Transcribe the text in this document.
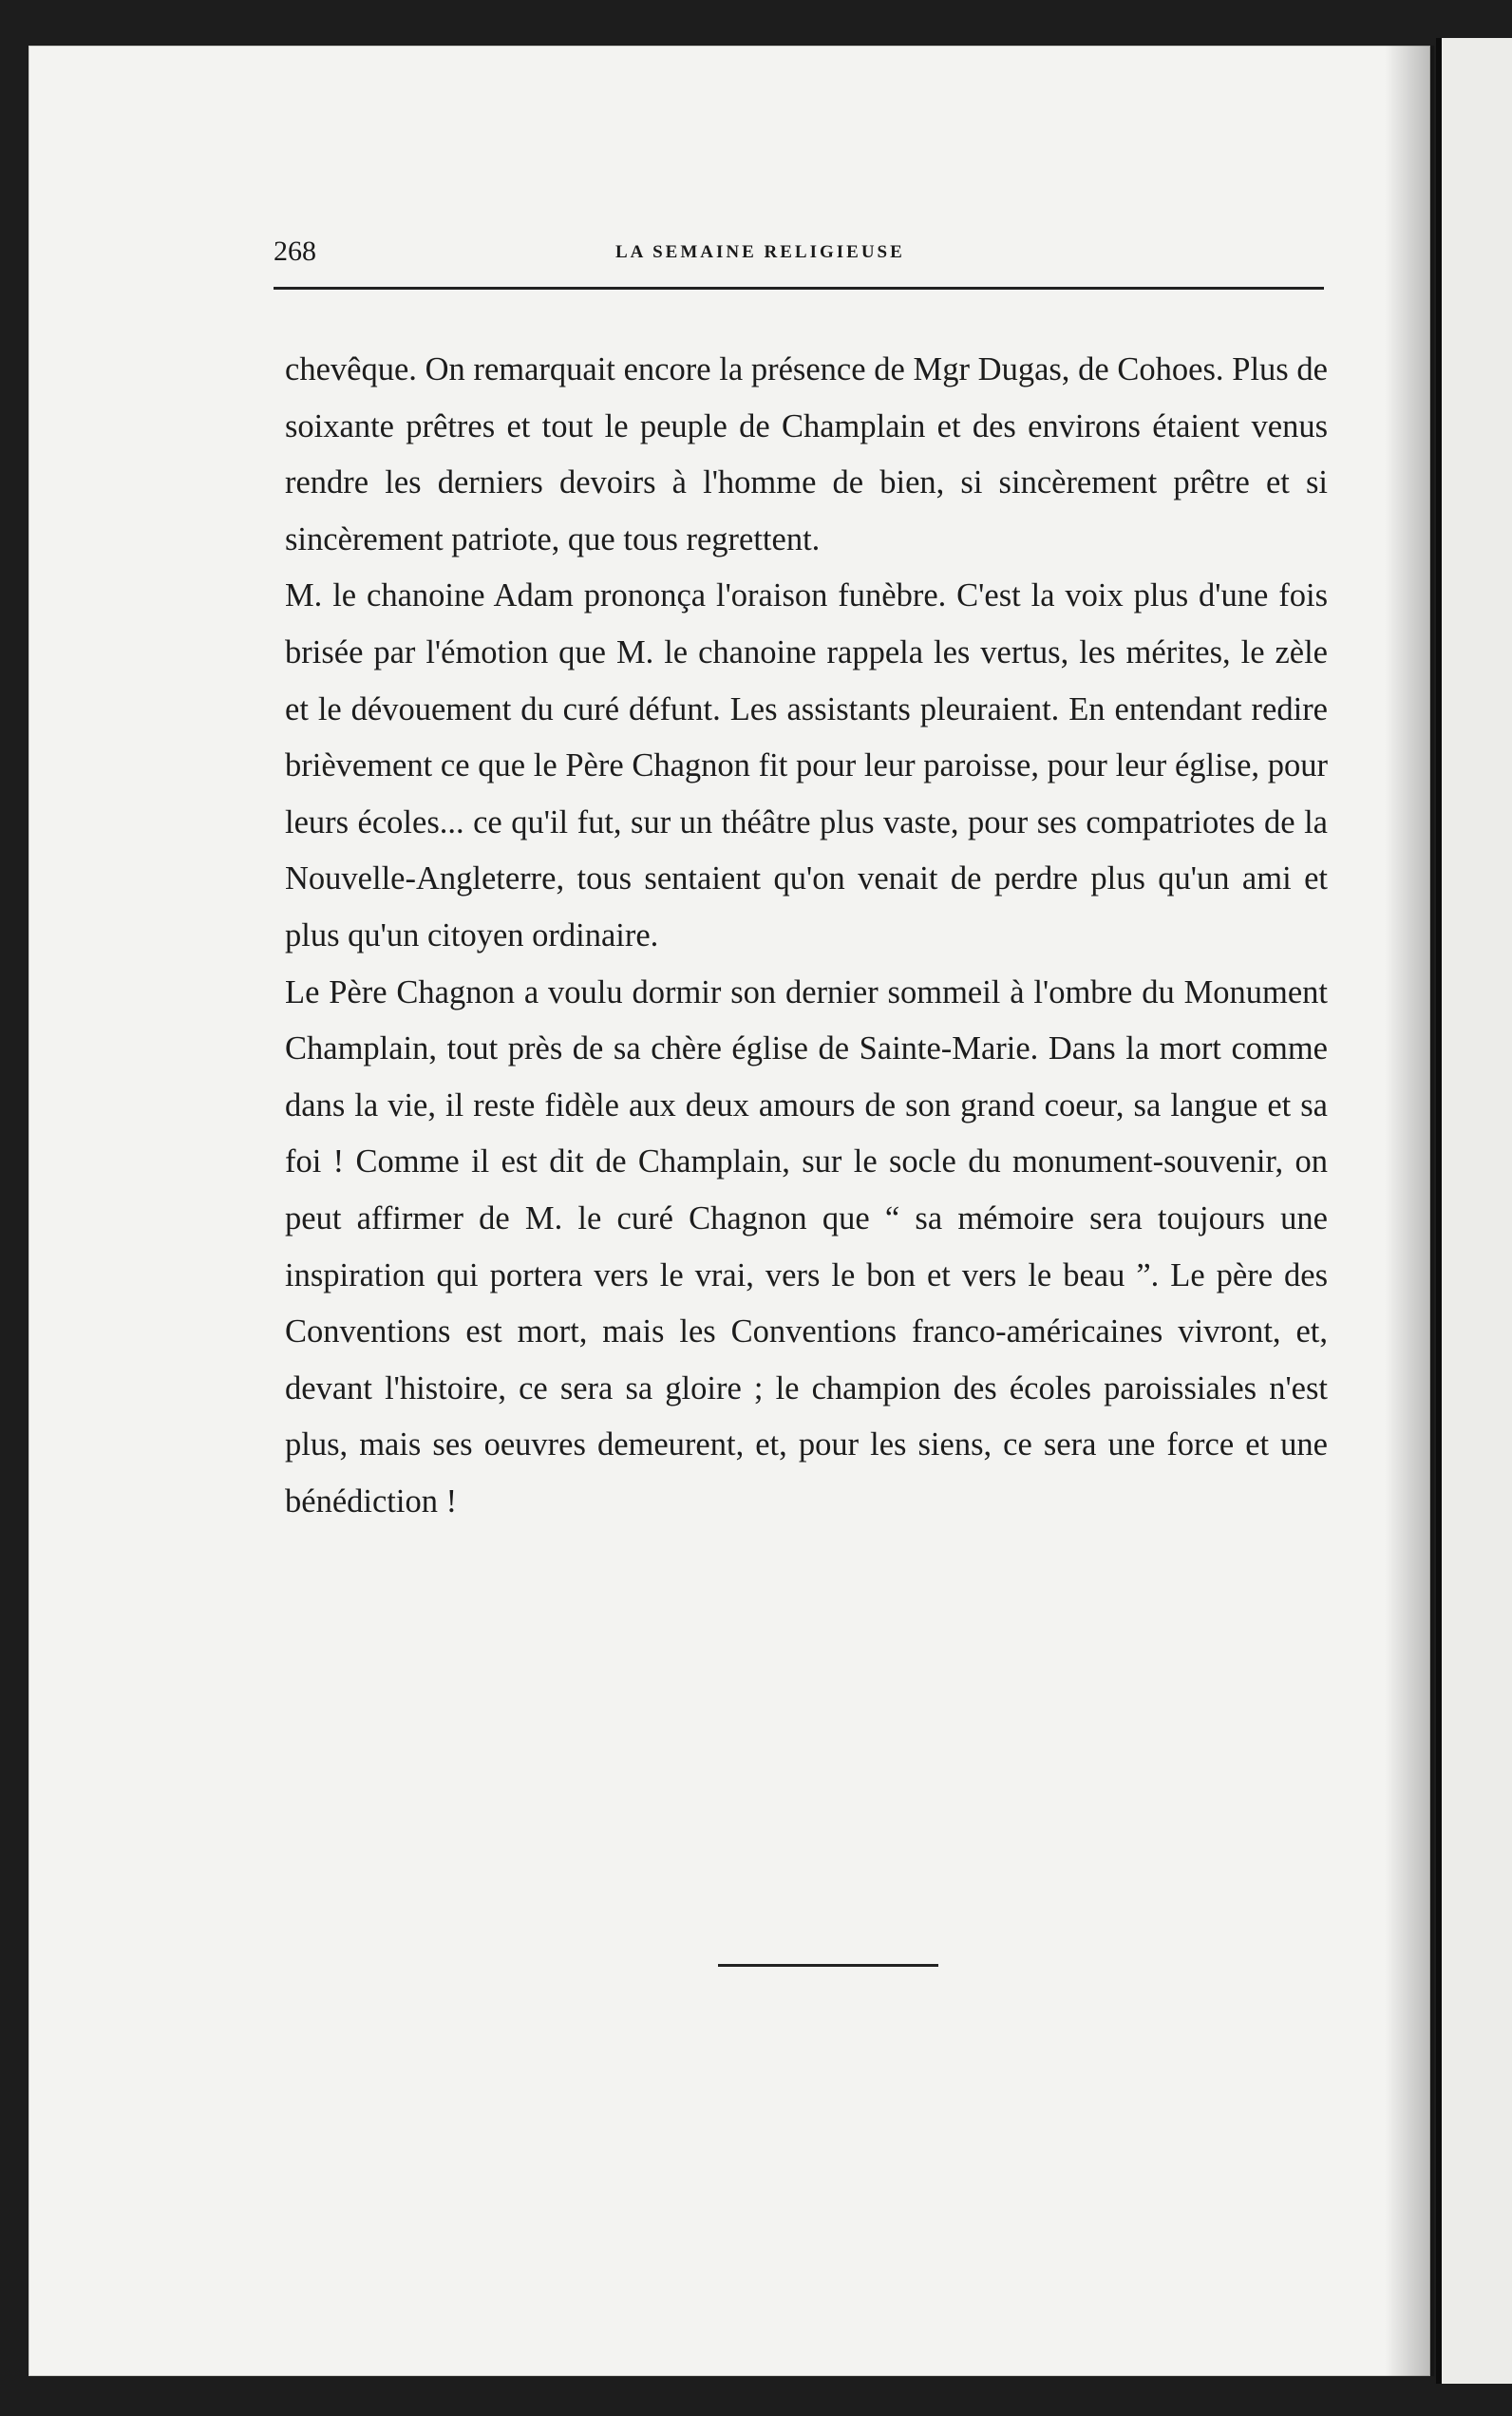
268	LA SEMAINE RELIGIEUSE

chevêque. On remarquait encore la présence de Mgr Dugas, de Cohoes. Plus de soixante prêtres et tout le peuple de Champlain et des environs étaient venus rendre les derniers devoirs à l'homme de bien, si sincèrement prêtre et si sincèrement patriote, que tous regrettent.

M. le chanoine Adam prononça l'oraison funèbre. C'est la voix plus d'une fois brisée par l'émotion que M. le chanoine rappela les vertus, les mérites, le zèle et le dévouement du curé défunt. Les assistants pleuraient. En entendant redire brièvement ce que le Père Chagnon fit pour leur paroisse, pour leur église, pour leurs écoles... ce qu'il fut, sur un théâtre plus vaste, pour ses compatriotes de la Nouvelle-Angleterre, tous sentaient qu'on venait de perdre plus qu'un ami et plus qu'un citoyen ordinaire.

Le Père Chagnon a voulu dormir son dernier sommeil à l'ombre du Monument Champlain, tout près de sa chère église de Sainte-Marie. Dans la mort comme dans la vie, il reste fidèle aux deux amours de son grand coeur, sa langue et sa foi ! Comme il est dit de Champlain, sur le socle du monument-souvenir, on peut affirmer de M. le curé Chagnon que “ sa mémoire sera toujours une inspiration qui portera vers le vrai, vers le bon et vers le beau ”. Le père des Conventions est mort, mais les Conventions franco-américaines vivront, et, devant l'histoire, ce sera sa gloire ; le champion des écoles paroissiales n'est plus, mais ses oeuvres demeurent, et, pour les siens, ce sera une force et une bénédiction !
